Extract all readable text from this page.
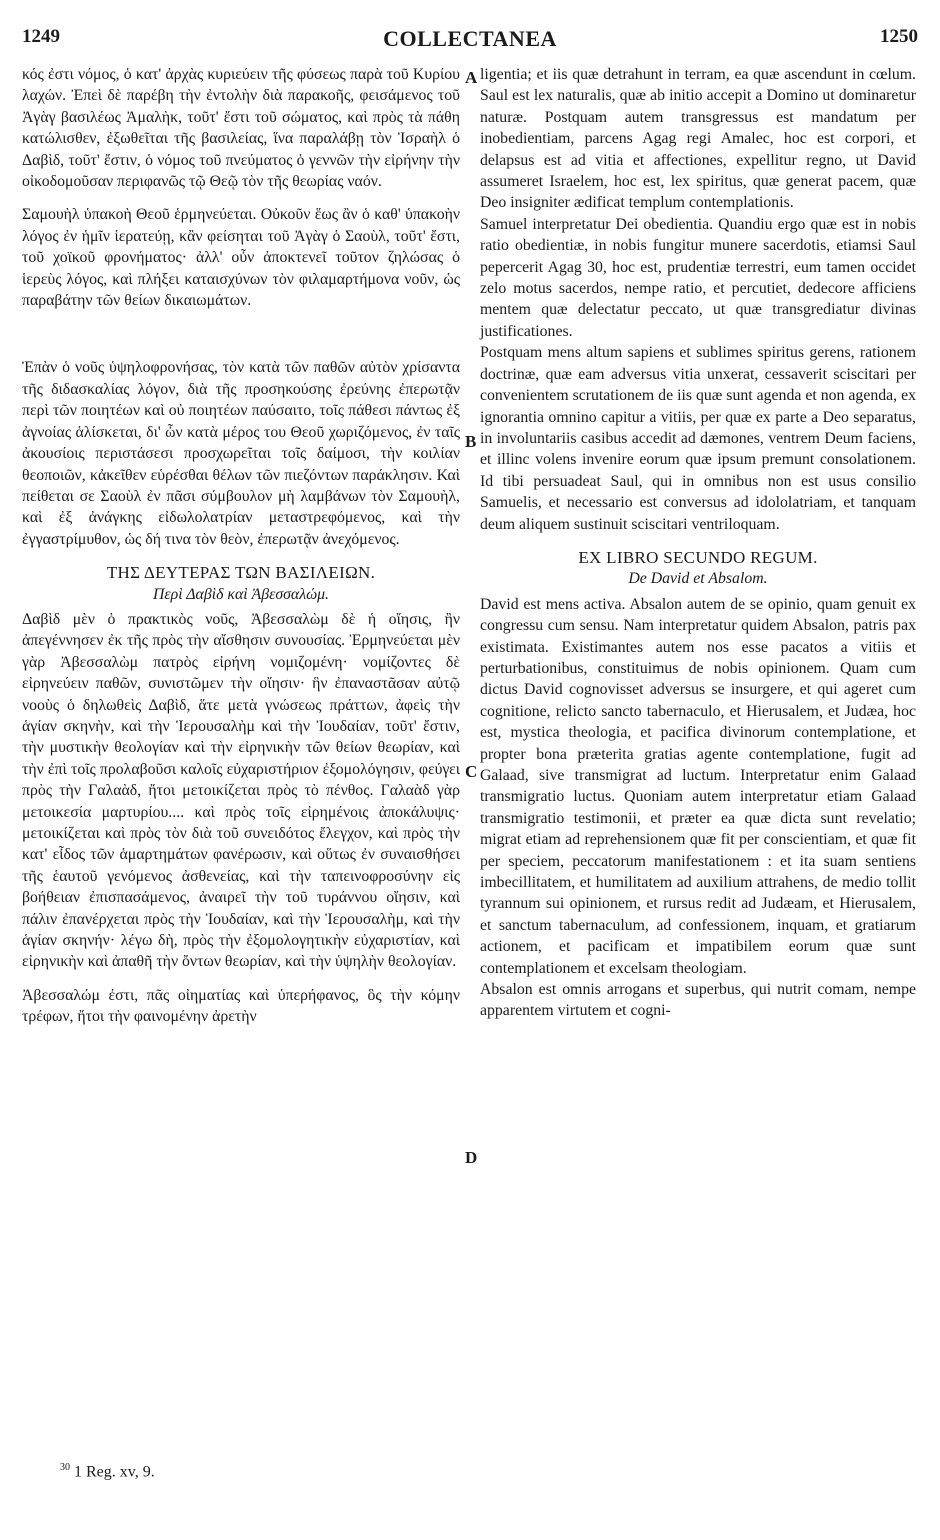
1249	COLLECTANEA	1250

κός ἐστι νόμος, ὁ κατ' ἀρχὰς κυριεύειν τῆς φύσεως παρὰ τοῦ Κυρίου λαχών. Ἐπεὶ δὲ παρέβη τὴν ἐντολὴν διὰ παρακοῆς, φεισάμενος τοῦ Ἀγὰγ βασιλέως Ἀμαλὴκ, τοῦτ' ἔστι τοῦ σώματος, καὶ πρὸς τὰ πάθη κατώλισθεν, ἐξωθεῖται τῆς βασιλείας, ἵνα παραλάβῃ τὸν Ἰσραὴλ ὁ Δαβὶδ, τοῦτ' ἔστιν, ὁ νόμος τοῦ πνεύματος ὁ γεννῶν τὴν εἰρήνην τὴν οἰκοδομοῦσαν περιφανῶς τῷ Θεῷ τὸν τῆς θεωρίας ναόν.

Σαμουὴλ ὑπακοὴ Θεοῦ ἑρμηνεύεται. Οὐκοῦν ἕως ἂν ὁ καθ' ὑπακοὴν λόγος ἐν ἡμῖν ἱερατεύῃ, κἂν φείσηται τοῦ Ἀγὰγ ὁ Σαοὺλ, τοῦτ' ἔστι, τοῦ χοϊκοῦ φρονήματος· ἀλλ' οὖν ἀποκτενεῖ τοῦτον ζηλώσας ὁ ἱερεὺς λόγος, καὶ πλήξει καταισχύνων τὸν φιλαμαρτήμονα νοῦν, ὡς παραβάτην τῶν θείων δικαιωμάτων.

Ἐπὰν ὁ νοῦς ὑψηλοφρονήσας, τὸν κατὰ τῶν παθῶν αὐτὸν χρίσαντα τῆς διδασκαλίας λόγον, διὰ τῆς προσηκούσης ἐρεύνης ἐπερωτᾷν περὶ τῶν ποιητέων καὶ οὐ ποιητέων παύσαιτο, τοῖς πάθεσι πάντως ἐξ ἀγνοίας ἁλίσκεται, δι' ὧν κατὰ μέρος του Θεοῦ χωριζόμενος, ἐν ταῖς ἀκουσίοις περιστάσεσι προσχωρεῖται τοῖς δαίμοσι, τὴν κοιλίαν θεοποιῶν, κἀκεῖθεν εὑρέσθαι θέλων τῶν πιεζόντων παράκλησιν. Καὶ πείθεται σε Σαοὺλ ἐν πᾶσι σύμβουλον μὴ λαμβάνων τὸν Σαμουὴλ, καὶ ἐξ ἀνάγκης εἰδωλολατρίαν μεταστρεφόμενος, καὶ τὴν ἐγγαστρίμυθον, ὡς δή τινα τὸν θεὸν, ἐπερωτᾷν ἀνεχόμενος.

ΤΗΣ ΔΕΥΤΕΡΑΣ ΤΩΝ ΒΑΣΙΛΕΙΩΝ.

Περὶ Δαβὶδ καὶ Ἀβεσσαλώμ.

Δαβὶδ μὲν ὁ πρακτικὸς νοῦς, Ἀβεσσαλὼμ δὲ ἡ οἴησις, ἣν ἀπεγέννησεν ἐκ τῆς πρὸς τὴν αἴσθησιν συνουσίας. Ἑρμηνεύεται μὲν γὰρ Ἀβεσσαλὼμ πατρὸς εἰρήνη νομιζομένη· νομίζοντες δὲ εἰρηνεύειν παθῶν, συνιστῶμεν τὴν οἴησιν· ἣν ἐπαναστᾶσαν αὐτῷ νοοὺς ὁ δηλωθεὶς Δαβὶδ, ἅτε μετὰ γνώσεως πράττων, ἀφεὶς τὴν ἁγίαν σκηνὴν, καὶ τὴν Ἱερουσαλὴμ καὶ τὴν Ἰουδαίαν, τοῦτ' ἔστιν, τὴν μυστικὴν θεολογίαν καὶ τὴν εἰρηνικὴν τῶν θείων θεωρίαν, καὶ τὴν ἐπὶ τοῖς προλαβοῦσι καλοῖς εὐχαριστήριον ἐξομολόγησιν, φεύγει πρὸς τὴν Γαλαὰδ, ἤτοι μετοικίζεται πρὸς τὸ πένθος. Γαλαὰδ γὰρ μετοικεσία μαρτυρίου.... καὶ πρὸς τοῖς εἰρημένοις ἀποκάλυψις· μετοικίζεται καὶ πρὸς τὸν διὰ τοῦ συνειδότος ἔλεγχον, καὶ πρὸς τὴν κατ' εἶδος τῶν ἁμαρτημάτων φανέρωσιν, καὶ οὕτως ἐν συναισθήσει τῆς ἑαυτοῦ γενόμενος ἀσθενείας, καὶ τὴν ταπεινοφροσύνην εἰς βοήθειαν ἐπισπασάμενος, ἀναιρεῖ τὴν τοῦ τυράννου οἴησιν, καὶ πάλιν ἐπανέρχεται πρὸς τὴν Ἰουδαίαν, καὶ τὴν Ἱερουσαλὴμ, καὶ τὴν ἁγίαν σκηνήν· λέγω δὴ, πρὸς τὴν ἐξομολογητικὴν εὐχαριστίαν, καὶ εἰρηνικὴν καὶ ἀπαθῆ τὴν ὄντων θεωρίαν, καὶ τὴν ὑψηλὴν θεολογίαν.

Ἀβεσσαλώμ ἐστι, πᾶς οἰηματίας καὶ ὑπερήφανος, ὃς τὴν κόμην τρέφων, ἤτοι τὴν φαινομένην ἀρετὴν

ligentia; et iis quæ detrahunt in terram, ea quæ ascendunt in cœlum. Saul est lex naturalis, quæ ab initio accepit a Domino ut dominaretur naturæ. Postquam autem transgressus est mandatum per inobedientiam, parcens Agag regi Amalec, hoc est corpori, et delapsus est ad vitia et affectiones, expellitur regno, ut David assumeret Israelem, hoc est, lex spiritus, quæ generat pacem, quæ Deo insigniter ædificat templum contemplationis.

Samuel interpretatur Dei obedientia. Quandiu ergo quæ est in nobis ratio obedientiæ, in nobis fungitur munere sacerdotis, etiamsi Saul pepercerit Agag 30, hoc est, prudentiæ terrestri, eum tamen occidet zelo motus sacerdos, nempe ratio, et percutiet, dedecore afficiens mentem quæ delectatur peccato, ut quæ transgrediatur divinas justificationes.

Postquam mens altum sapiens et sublimes spiritus gerens, rationem doctrinæ, quæ eam adversus vitia unxerat, cessaverit sciscitari per convenientem scrutationem de iis quæ sunt agenda et non agenda, ex ignorantia omnino capitur a vitiis, per quæ ex parte a Deo separatus, in involuntariis casibus accedit ad dæmones, ventrem Deum faciens, et illinc volens invenire eorum quæ ipsum premunt consolationem. Id tibi persuadeat Saul, qui in omnibus non est usus consilio Samuelis, et necessario est conversus ad idololatriam, et tanquam deum aliquem sustinuit sciscitari ventriloquam.

EX LIBRO SECUNDO REGUM.

De David et Absalom.

David est mens activa. Absalon autem de se opinio, quam genuit ex congressu cum sensu. Nam interpretatur quidem Absalon, patris pax existimata. Existimantes autem nos esse pacatos a vitiis et perturbationibus, constituimus de nobis opinionem. Quam cum dictus David cognovisset adversus se insurgere, et qui ageret cum cognitione, relicto sancto tabernaculo, et Hierusalem, et Judæa, hoc est, mystica theologia, et pacifica divinorum contemplatione, et propter bona præterita gratias agente contemplatione, fugit ad Galaad, sive transmigrat ad luctum. Interpretatur enim Galaad transmigratio luctus. Quoniam autem interpretatur etiam Galaad transmigratio testimonii, et præter ea quæ dicta sunt revelatio; migrat etiam ad reprehensionem quæ fit per conscientiam, et quæ fit per speciem, peccatorum manifestationem : et ita suam sentiens imbecillitatem, et humilitatem ad auxilium attrahens, de medio tollit tyrannum sui opinionem, et rursus redit ad Judæam, et Hierusalem, et sanctum tabernaculum, ad confessionem, inquam, et gratiarum actionem, et pacificam et impatibilem eorum quæ sunt contemplationem et excelsam theologiam.

Absalon est omnis arrogans et superbus, qui nutrit comam, nempe apparentem virtutem et cogni-

A
B
C
D
$^{30}$ 1 Reg. xv, 9.
